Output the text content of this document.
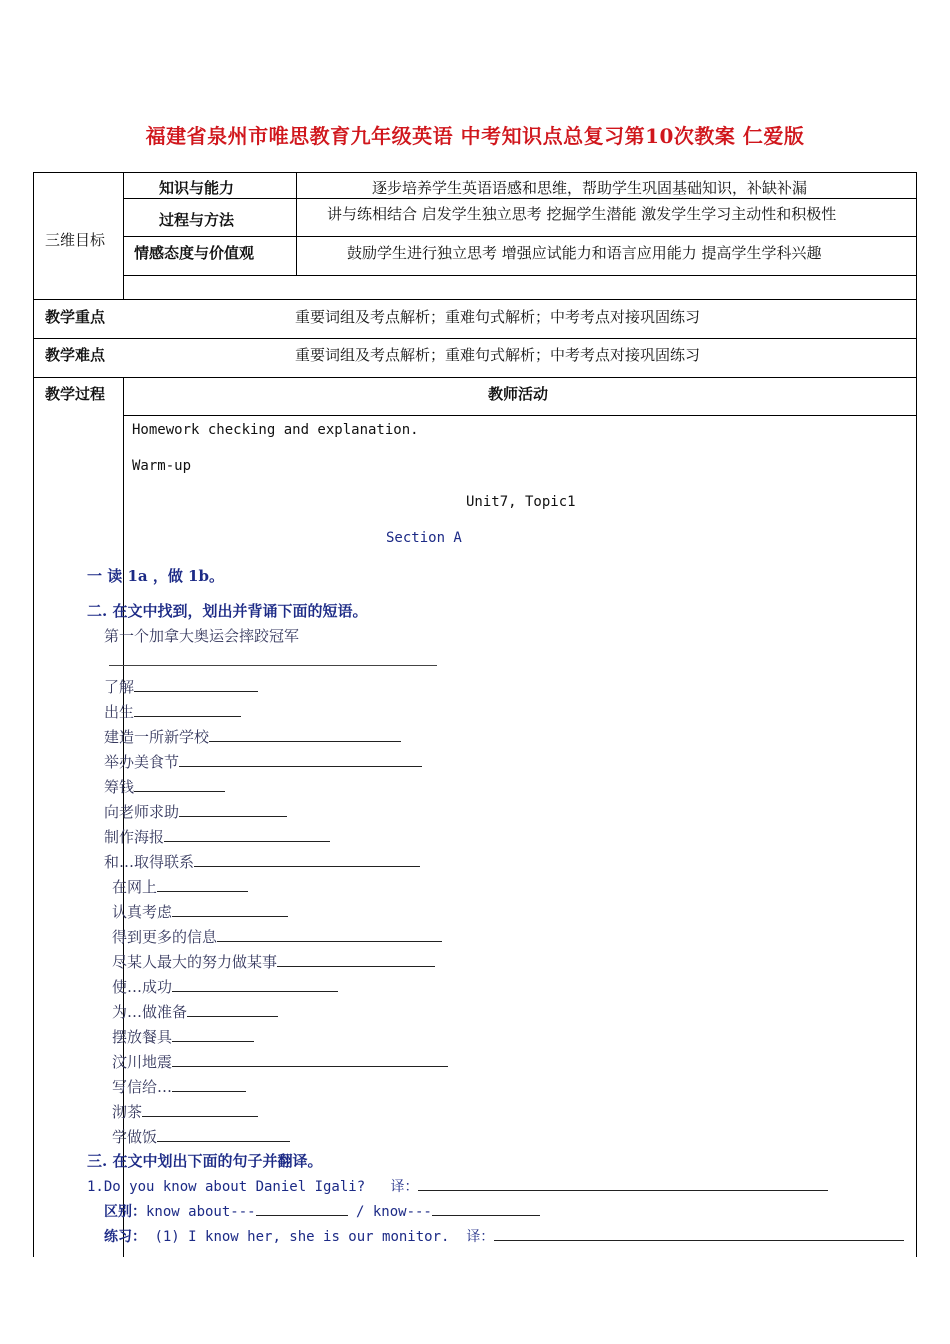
福建省泉州市唯思教育九年级英语 中考知识点总复习第10次教案 仁爱版
三维目标
知识与能力	逐步培养学生英语语感和思维，帮助学生巩固基础知识，补缺补漏
过程与方法	讲与练相结合 启发学生独立思考 挖掘学生潜能 激发学生学习主动性和积极性
情感态度与价值观	鼓励学生进行独立思考 增强应试能力和语言应用能力 提高学生学科兴趣
教学重点	重要词组及考点解析；重难句式解析；中考考点对接巩固练习
教学难点	重要词组及考点解析；重难句式解析；中考考点对接巩固练习
教学过程	教师活动
Homework checking and explanation.
Warm-up
Unit7, Topic1
Section A
一 读 1a ，做 1b。
二. 在文中找到，划出并背诵下面的短语。
第一个加拿大奥运会摔跤冠军
了解
出生
建造一所新学校
举办美食节
筹钱
向老师求助
制作海报
和…取得联系
在网上
认真考虑
得到更多的信息
尽某人最大的努力做某事
使…成功
为…做准备
摆放餐具
汶川地震
写信给…
沏茶
学做饭
三. 在文中划出下面的句子并翻译。
1.Do you know about Daniel Igali? 译：
区别：know about---	/ know---
练习： (1) I know her, she is our monitor. 译：
